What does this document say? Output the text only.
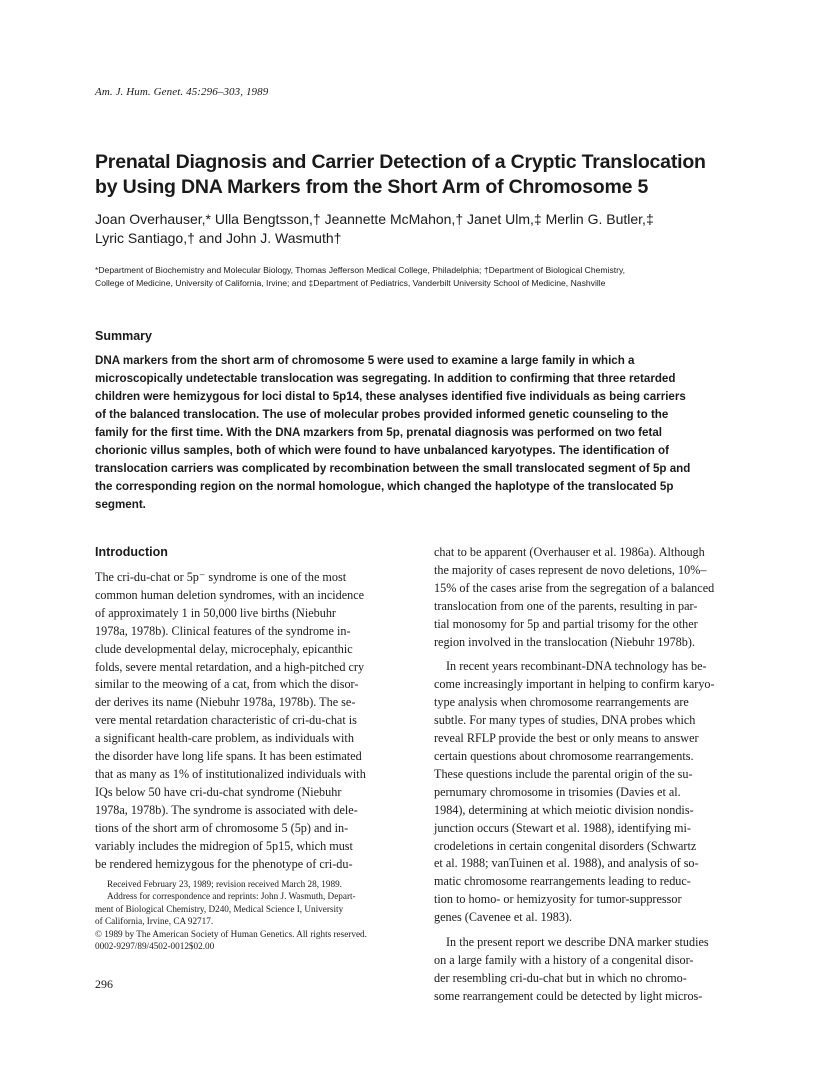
Am. J. Hum. Genet. 45:296–303, 1989
Prenatal Diagnosis and Carrier Detection of a Cryptic Translocation
by Using DNA Markers from the Short Arm of Chromosome 5
Joan Overhauser,* Ulla Bengtsson,† Jeannette McMahon,† Janet Ulm,‡ Merlin G. Butler,‡
Lyric Santiago,† and John J. Wasmuth†
*Department of Biochemistry and Molecular Biology, Thomas Jefferson Medical College, Philadelphia; †Department of Biological Chemistry,
College of Medicine, University of California, Irvine; and ‡Department of Pediatrics, Vanderbilt University School of Medicine, Nashville
Summary
DNA markers from the short arm of chromosome 5 were used to examine a large family in which a
microscopically undetectable translocation was segregating. In addition to confirming that three retarded
children were hemizygous for loci distal to 5p14, these analyses identified five individuals as being carriers
of the balanced translocation. The use of molecular probes provided informed genetic counseling to the
family for the first time. With the DNA mzarkers from 5p, prenatal diagnosis was performed on two fetal
chorionic villus samples, both of which were found to have unbalanced karyotypes. The identification of
translocation carriers was complicated by recombination between the small translocated segment of 5p and
the corresponding region on the normal homologue, which changed the haplotype of the translocated 5p
segment.
Introduction
The cri-du-chat or 5p⁻ syndrome is one of the most
common human deletion syndromes, with an incidence
of approximately 1 in 50,000 live births (Niebuhr
1978a, 1978b). Clinical features of the syndrome in-
clude developmental delay, microcephaly, epicanthic
folds, severe mental retardation, and a high-pitched cry
similar to the meowing of a cat, from which the disor-
der derives its name (Niebuhr 1978a, 1978b). The se-
vere mental retardation characteristic of cri-du-chat is
a significant health-care problem, as individuals with
the disorder have long life spans. It has been estimated
that as many as 1% of institutionalized individuals with
IQs below 50 have cri-du-chat syndrome (Niebuhr
1978a, 1978b). The syndrome is associated with dele-
tions of the short arm of chromosome 5 (5p) and in-
variably includes the midregion of 5p15, which must
be rendered hemizygous for the phenotype of cri-du-
chat to be apparent (Overhauser et al. 1986a). Although
the majority of cases represent de novo deletions, 10%–
15% of the cases arise from the segregation of a balanced
translocation from one of the parents, resulting in par-
tial monosomy for 5p and partial trisomy for the other
region involved in the translocation (Niebuhr 1978b).
In recent years recombinant-DNA technology has be-
come increasingly important in helping to confirm karyo-
type analysis when chromosome rearrangements are
subtle. For many types of studies, DNA probes which
reveal RFLP provide the best or only means to answer
certain questions about chromosome rearrangements.
These questions include the parental origin of the su-
pernumary chromosome in trisomies (Davies et al.
1984), determining at which meiotic division nondis-
junction occurs (Stewart et al. 1988), identifying mi-
crodeletions in certain congenital disorders (Schwartz
et al. 1988; vanTuinen et al. 1988), and analysis of so-
matic chromosome rearrangements leading to reduc-
tion to homo- or hemizyosity for tumor-suppressor
genes (Cavenee et al. 1983).
In the present report we describe DNA marker studies
on a large family with a history of a congenital disor-
der resembling cri-du-chat but in which no chromo-
some rearrangement could be detected by light micros-
Received February 23, 1989; revision received March 28, 1989.
Address for correspondence and reprints: John J. Wasmuth, Depart-
ment of Biological Chemistry, D240, Medical Science I, University
of California, Irvine, CA 92717.
© 1989 by The American Society of Human Genetics. All rights reserved.
0002-9297/89/4502-0012$02.00
296
